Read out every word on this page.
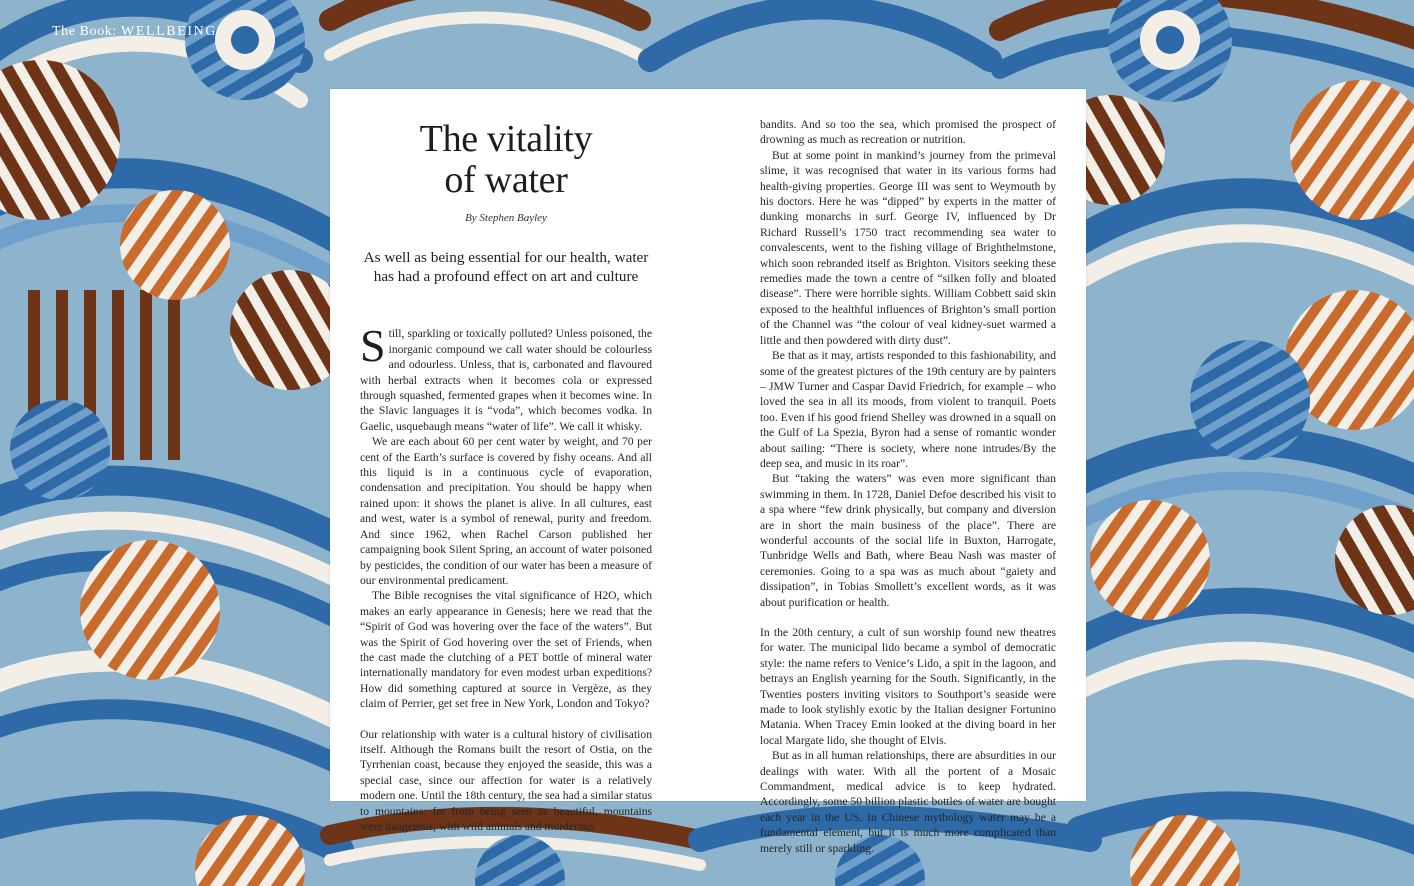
The Book: WELLBEING
The vitality
of water
By Stephen Bayley
As well as being essential for our health, water has had a profound effect on art and culture

Still, sparkling or toxically polluted? Unless poisoned, the inorganic compound we call water should be colourless and odourless. Unless, that is, carbonated and flavoured with herbal extracts when it becomes cola or expressed through squashed, fermented grapes when it becomes wine. In the Slavic languages it is “voda”, which becomes vodka. In Gaelic, usquebaugh means “water of life”. We call it whisky.

We are each about 60 per cent water by weight, and 70 per cent of the Earth’s surface is covered by fishy oceans. And all this liquid is in a continuous cycle of evaporation, condensation and precipitation. You should be happy when rained upon: it shows the planet is alive. In all cultures, east and west, water is a symbol of renewal, purity and freedom. And since 1962, when Rachel Carson published her campaigning book Silent Spring, an account of water poisoned by pesticides, the condition of our water has been a measure of our environmental predicament.

The Bible recognises the vital significance of H2O, which makes an early appearance in Genesis; here we read that the “Spirit of God was hovering over the face of the waters”. But was the Spirit of God hovering over the set of Friends, when the cast made the clutching of a PET bottle of mineral water internationally mandatory for even modest urban expeditions? How did something captured at source in Vergèze, as they claim of Perrier, get set free in New York, London and Tokyo?

Our relationship with water is a cultural history of civilisation itself. Although the Romans built the resort of Ostia, on the Tyrrhenian coast, because they enjoyed the seaside, this was a special case, since our affection for water is a relatively modern one. Until the 18th century, the sea had a similar status to mountains: far from being seen as beautiful, mountains were dangerous, with wild animals and murderous

bandits. And so too the sea, which promised the prospect of drowning as much as recreation or nutrition.

But at some point in mankind’s journey from the primeval slime, it was recognised that water in its various forms had health-giving properties. George III was sent to Weymouth by his doctors. Here he was “dipped” by experts in the matter of dunking monarchs in surf. George IV, influenced by Dr Richard Russell’s 1750 tract recommending sea water to convalescents, went to the fishing village of Brighthelmstone, which soon rebranded itself as Brighton. Visitors seeking these remedies made the town a centre of “silken folly and bloated disease”. There were horrible sights. William Cobbett said skin exposed to the healthful influences of Brighton’s small portion of the Channel was “the colour of veal kidney-suet warmed a little and then powdered with dirty dust”.

Be that as it may, artists responded to this fashionability, and some of the greatest pictures of the 19th century are by painters – JMW Turner and Caspar David Friedrich, for example – who loved the sea in all its moods, from violent to tranquil. Poets too. Even if his good friend Shelley was drowned in a squall on the Gulf of La Spezia, Byron had a sense of romantic wonder about sailing: “There is society, where none intrudes/By the deep sea, and music in its roar”.

But “taking the waters” was even more significant than swimming in them. In 1728, Daniel Defoe described his visit to a spa where “few drink physically, but company and diversion are in short the main business of the place”. There are wonderful accounts of the social life in Buxton, Harrogate, Tunbridge Wells and Bath, where Beau Nash was master of ceremonies. Going to a spa was as much about “gaiety and dissipation”, in Tobias Smollett’s excellent words, as it was about purification or health.

In the 20th century, a cult of sun worship found new theatres for water. The municipal lido became a symbol of democratic style: the name refers to Venice’s Lido, a spit in the lagoon, and betrays an English yearning for the South. Significantly, in the Twenties posters inviting visitors to Southport’s seaside were made to look stylishly exotic by the Italian designer Fortunino Matania. When Tracey Emin looked at the diving board in her local Margate lido, she thought of Elvis.

But as in all human relationships, there are absurdities in our dealings with water. With all the portent of a Mosaic Commandment, medical advice is to keep hydrated. Accordingly, some 50 billion plastic bottles of water are bought each year in the US. In Chinese mythology water may be a fundamental element, but it is much more complicated than merely still or sparkling.
